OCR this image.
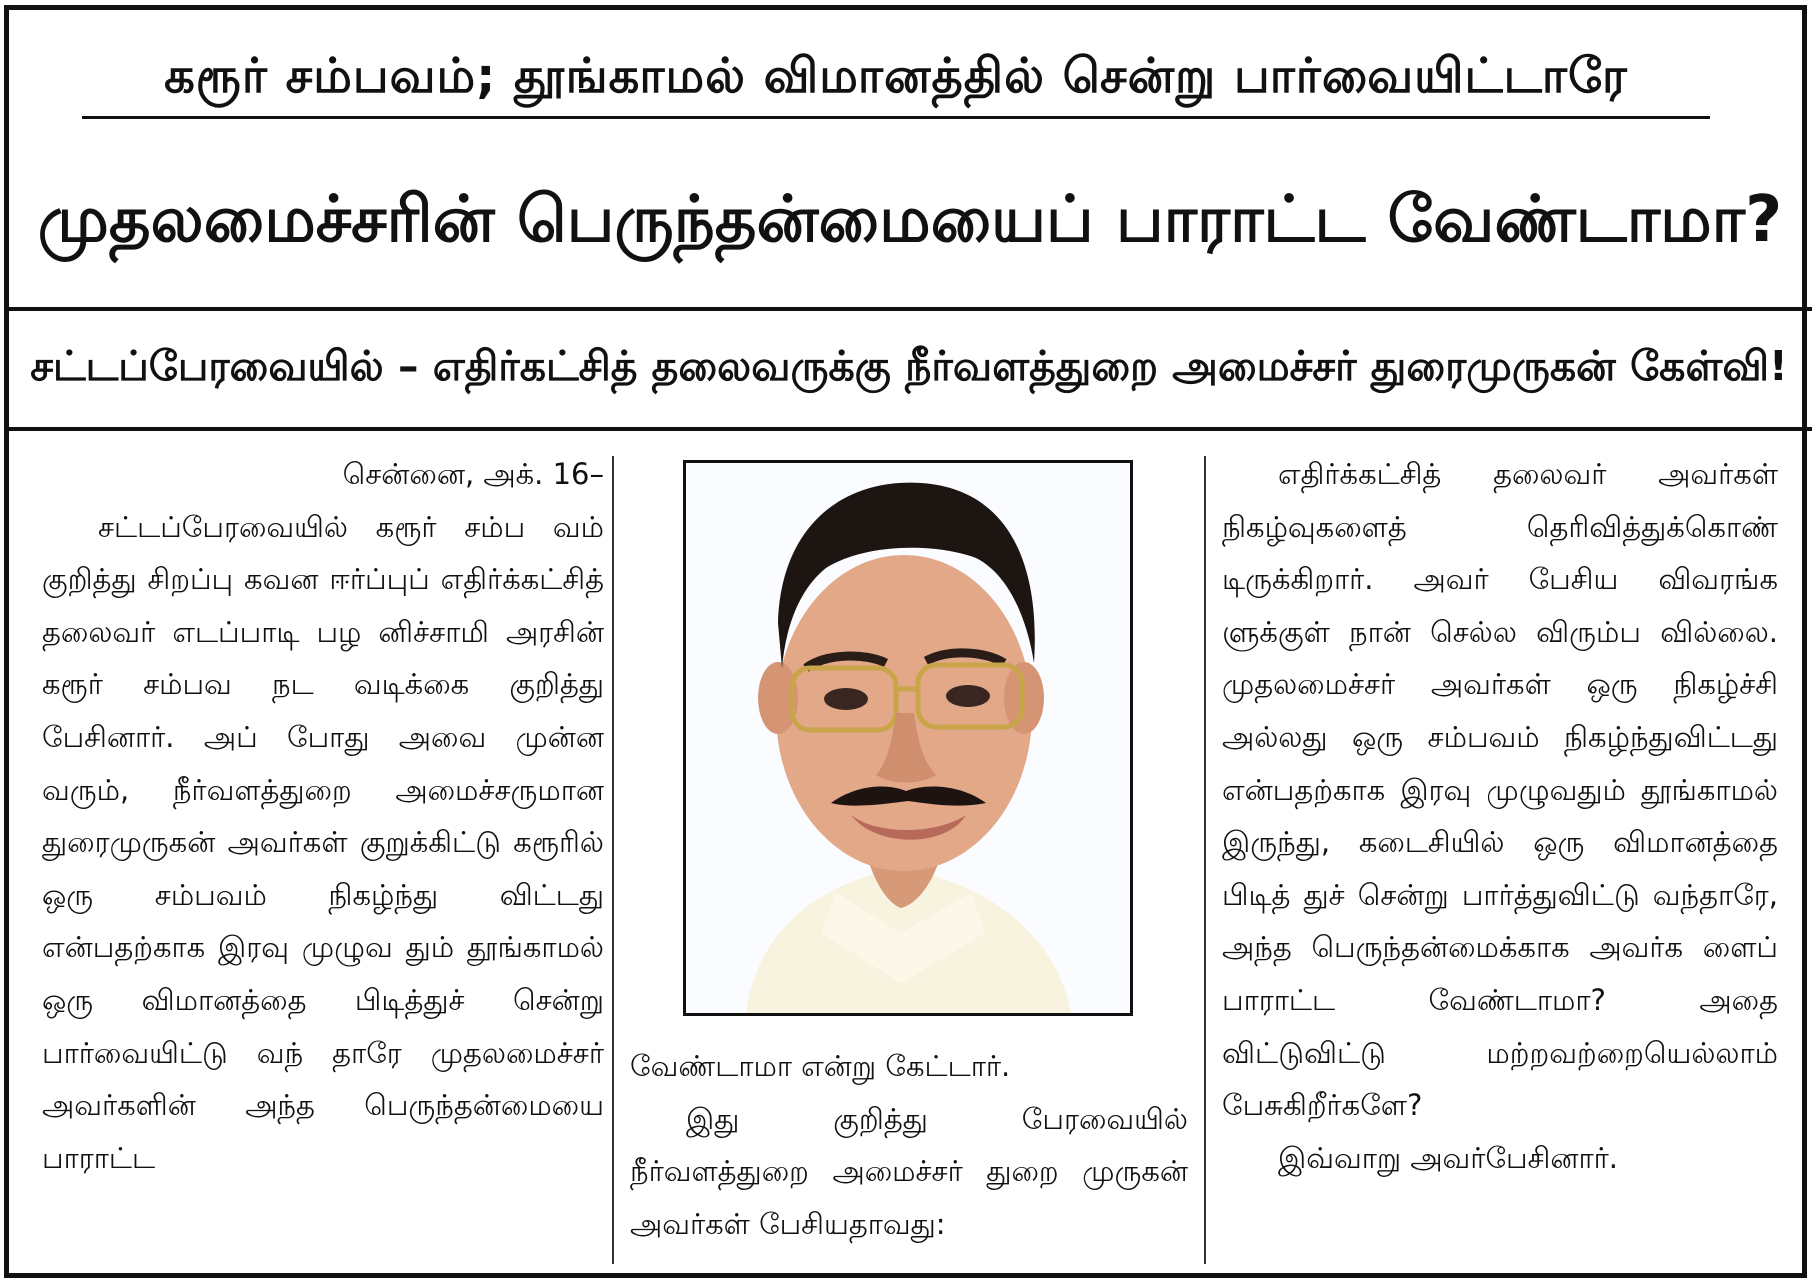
கரூர் சம்பவம்; தூங்காமல் விமானத்தில் சென்று பார்வையிட்டாரே
முதலமைச்சரின் பெருந்தன்மையைப் பாராட்ட வேண்டாமா?
சட்டப்பேரவையில் – எதிர்கட்சித் தலைவருக்கு நீர்வளத்துறை அமைச்சர் துரைமுருகன் கேள்வி!

சென்னை, அக். 16–

சட்டப்பேரவையில் கரூர் சம்ப வம் குறித்து சிறப்பு கவன ஈர்ப்புப் எதிர்க்கட்சித் தலைவர் எடப்பாடி பழ னிச்சாமி அரசின் கரூர் சம்பவ நட வடிக்கை குறித்து பேசினார். அப் போது அவை முன்ன வரும், நீர்வளத்துறை அமைச்சருமான துரைமுருகன் அவர்கள் குறுக்கிட்டு கரூரில் ஒரு சம்பவம் நிகழ்ந்து விட்டது என்பதற்காக இரவு முழுவ தும் தூங்காமல் ஒரு விமானத்தை பிடித்துச் சென்று பார்வையிட்டு வந் தாரே முதலமைச்சர் அவர்களின் அந்த பெருந்தன்மையை பாராட்ட

வேண்டாமா என்று கேட்டார்.

இது குறித்து பேரவையில் நீர்வளத்துறை அமைச்சர் துறை முருகன் அவர்கள் பேசியதாவது:

எதிர்க்கட்சித் தலைவர் அவர்கள் நிகழ்வுகளைத் தெரிவித்துக்கொண் டிருக்கிறார். அவர் பேசிய விவரங்க ளுக்குள் நான் செல்ல விரும்ப வில்லை. முதலமைச்சர் அவர்கள் ஒரு நிகழ்ச்சி அல்லது ஒரு சம்பவம் நிகழ்ந்துவிட்டது என்பதற்காக இரவு முழுவதும் தூங்காமல் இருந்து, கடைசியில் ஒரு விமானத்தை பிடித் துச் சென்று பார்த்துவிட்டு வந்தாரே, அந்த பெருந்தன்மைக்காக அவர்க ளைப் பாராட்ட வேண்டாமா? அதை விட்டுவிட்டு மற்றவற்றையெல்லாம் பேசுகிறீர்களே?

இவ்வாறு அவர்பேசினார்.
